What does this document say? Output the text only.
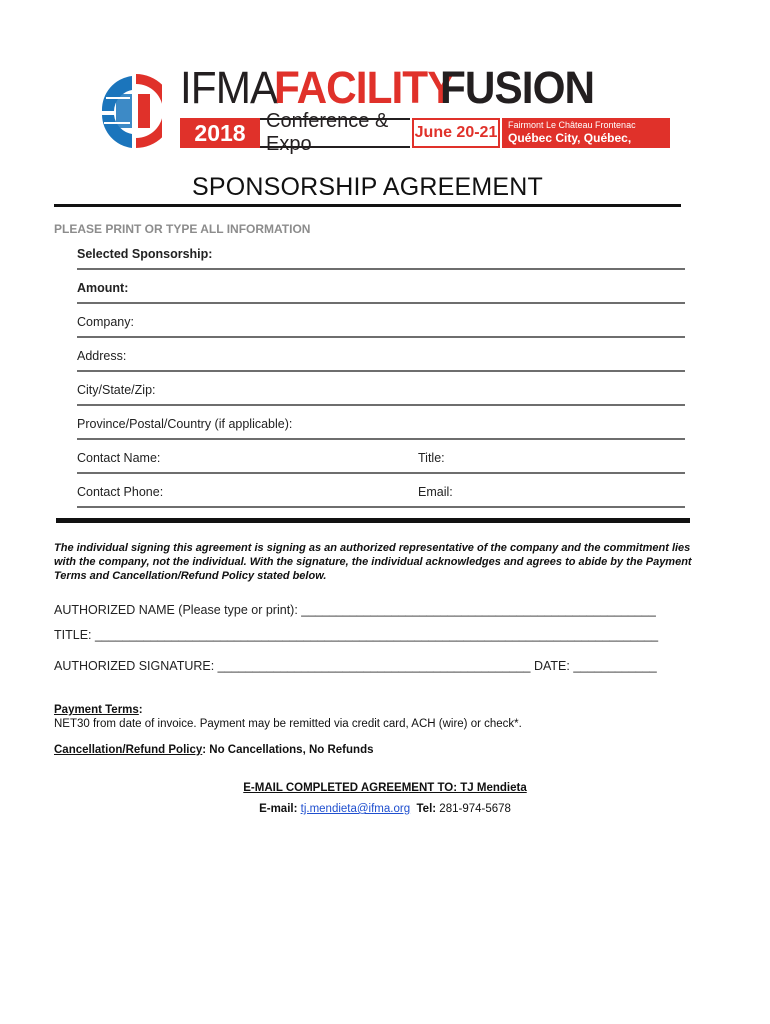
IFMAFACILITYFUSION
2018	Conference & Expo
June 20-21 Fairmont Le Château Frontenac
Québec City, Québec, Canada
SPONSORSHIP AGREEMENT
PLEASE PRINT OR TYPE ALL INFORMATION
Selected Sponsorship:
Amount:
Company:
Address:
City/State/Zip:
Province/Postal/Country (if applicable):
Contact Name:	Title:
Contact Phone:	Email:

The individual signing this agreement is signing as an authorized representative of the company and the commitment lies with the company, not the individual. With the signature, the individual acknowledges and agrees to abide by the Payment Terms and Cancellation/Refund Policy stated below.

AUTHORIZED NAME (Please type or print): ___________________________________________________
TITLE: _________________________________________________________________________________
AUTHORIZED SIGNATURE: _____________________________________________ DATE: ____________
Payment Terms:
NET30 from date of invoice. Payment may be remitted via credit card, ACH (wire) or check*.
Cancellation/Refund Policy: No Cancellations, No Refunds
E-MAIL COMPLETED AGREEMENT TO: TJ Mendieta
E-mail: tj.mendieta@ifma.org Tel: 281-974-5678
